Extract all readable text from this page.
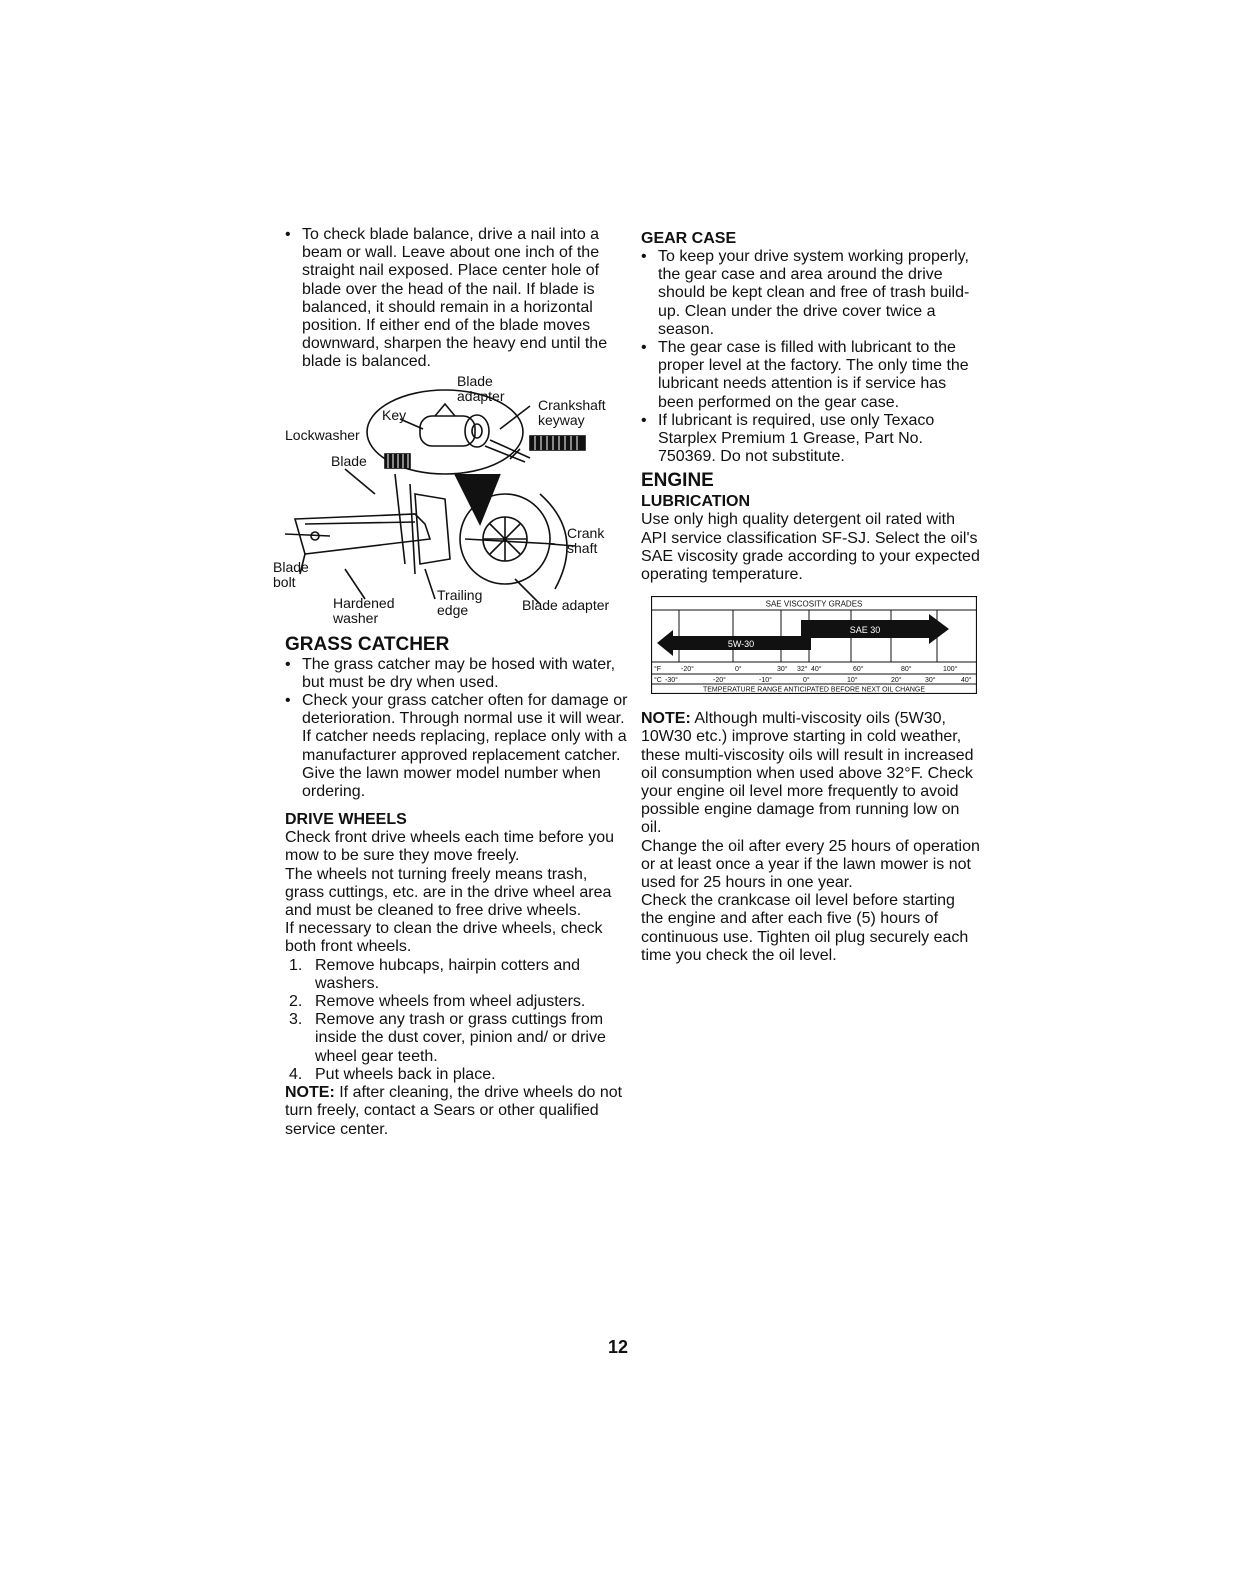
• To check blade balance, drive a nail into a beam or wall. Leave about one inch of the straight nail exposed. Place center hole of blade over the head of the nail. If blade is balanced, it should remain in a horizontal position. If either end of the blade moves downward, sharpen the heavy end until the blade is balanced.
Blade
adapter
Key
Crankshaft
keyway
Lockwasher
Blade
Crank
shaft
Blade
bolt
Hardened
washer
Trailing
edge	Blade adapter
GRASS CATCHER
• The grass catcher may be hosed with water, but must be dry when used.
• Check your grass catcher often for damage or deterioration. Through normal use it will wear. If catcher needs replacing, replace only with a manufacturer approved replacement catcher. Give the lawn mower model number when ordering.
DRIVE WHEELS

Check front drive wheels each time before you mow to be sure they move freely.

The wheels not turning freely means trash, grass cuttings, etc. are in the drive wheel area and must be cleaned to free drive wheels.

If necessary to clean the drive wheels, check both front wheels.

1. Remove hubcaps, hairpin cotters and washers.
2. Remove wheels from wheel adjusters.
3. Remove any trash or grass cuttings from inside the dust cover, pinion and/ or drive wheel gear teeth.
4. Put wheels back in place.

NOTE: If after cleaning, the drive wheels do not turn freely, contact a Sears or other qualified service center.

GEAR CASE
• To keep your drive system working properly, the gear case and area around the drive should be kept clean and free of trash build-up. Clean under the drive cover twice a season.
• The gear case is filled with lubricant to the proper level at the factory. The only time the lubricant needs attention is if service has been performed on the gear case.
• If lubricant is required, use only Texaco Starplex Premium 1 Grease, Part No. 750369. Do not substitute.
ENGINE
LUBRICATION

Use only high quality detergent oil rated with API service classification SF-SJ. Select the oil's SAE viscosity grade according to your expected operating temperature.

SAE VISCOSITY GRADES
SAE 30
5W-30
°F	-20°	0°	30° 32° 40°	60°	80°	100°
°C -30°	-20°	-10°	0°	10°	20°	30°	40°
TEMPERATURE RANGE ANTICIPATED BEFORE NEXT OIL CHANGE

NOTE: Although multi-viscosity oils (5W30, 10W30 etc.) improve starting in cold weather, these multi-viscosity oils will result in increased oil consumption when used above 32°F. Check your engine oil level more frequently to avoid possible engine damage from running low on oil.

Change the oil after every 25 hours of operation or at least once a year if the lawn mower is not used for 25 hours in one year.

Check the crankcase oil level before starting the engine and after each five (5) hours of continuous use. Tighten oil plug securely each time you check the oil level.

12
